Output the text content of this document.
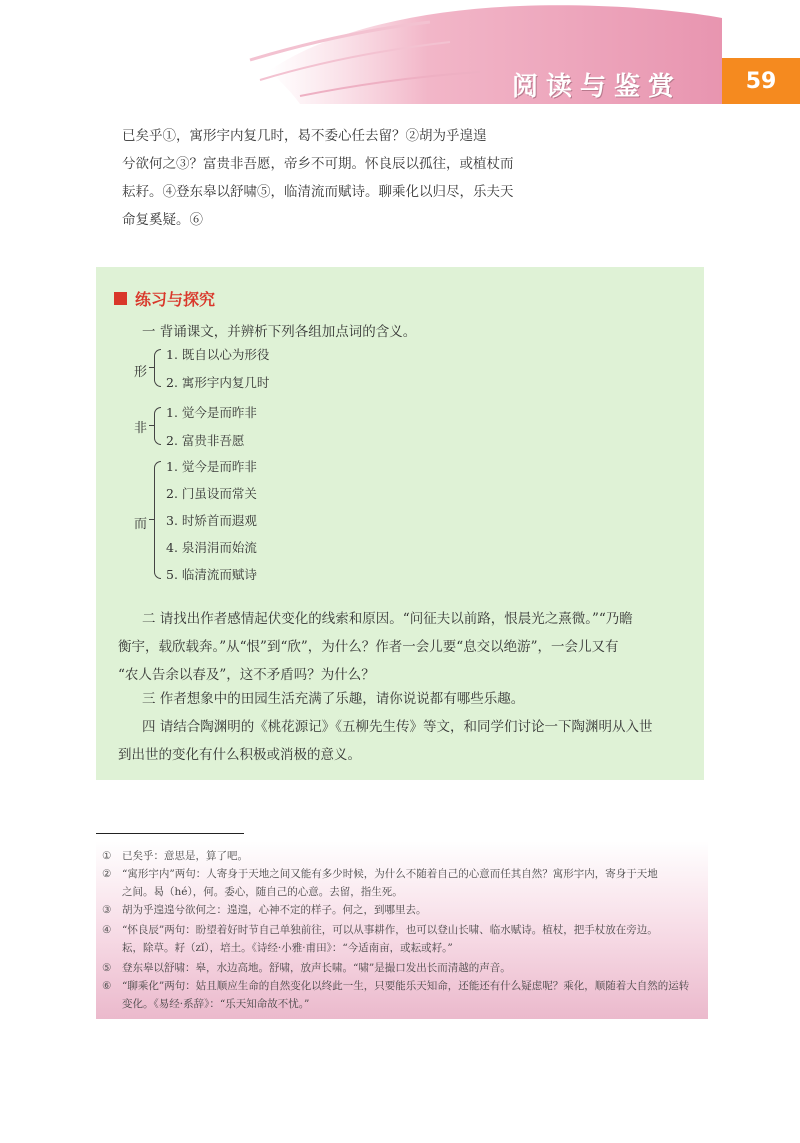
阅读与鉴赏	59

已矣乎①，寓形宇内复几时，曷不委心任去留？②胡为乎遑遑

兮欲何之③？富贵非吾愿，帝乡不可期。怀良辰以孤往，或植杖而

耘耔。④登东皋以舒啸⑤，临清流而赋诗。聊乘化以归尽，乐夫天

命复奚疑。⑥

练习与探究
一 背诵课文，并辨析下列各组加点词的含义。
形
1. 既自以心为形役
2. 寓形宇内复几时
非
1. 觉今是而昨非
2. 富贵非吾愿
而
1. 觉今是而昨非
2. 门虽设而常关
3. 时矫首而遐观
4. 泉涓涓而始流
5. 临清流而赋诗
二 请找出作者感情起伏变化的线索和原因。“问征夫以前路，恨晨光之熹微。”“乃瞻
衡宇，载欣载奔。”从“恨”到“欣”，为什么？作者一会儿要“息交以绝游”，一会儿又有
“农人告余以春及”，这不矛盾吗？为什么？
三 作者想象中的田园生活充满了乐趣，请你说说都有哪些乐趣。
四 请结合陶渊明的《桃花源记》《五柳先生传》等文，和同学们讨论一下陶渊明从入世
到出世的变化有什么积极或消极的意义。
① 已矣乎：意思是，算了吧。
② “寓形宇内”两句：人寄身于天地之间又能有多少时候，为什么不随着自己的心意而任其自然？寓形宇内，寄身于天地
之间。曷（hé），何。委心，随自己的心意。去留，指生死。
③ 胡为乎遑遑兮欲何之：遑遑，心神不定的样子。何之，到哪里去。
④ “怀良辰”两句：盼望着好时节自己单独前往，可以从事耕作，也可以登山长啸、临水赋诗。植杖，把手杖放在旁边。
耘，除草。耔（zǐ），培土。《诗经·小雅·甫田》：“今适南亩，或耘或耔。”
⑤ 登东皋以舒啸：皋，水边高地。舒啸，放声长啸。“啸”是撮口发出长而清越的声音。
⑥ “聊乘化”两句：姑且顺应生命的自然变化以终此一生，只要能乐天知命，还能还有什么疑虑呢？乘化，顺随着大自然的运转
变化。《易经·系辞》：“乐天知命故不忧。”
